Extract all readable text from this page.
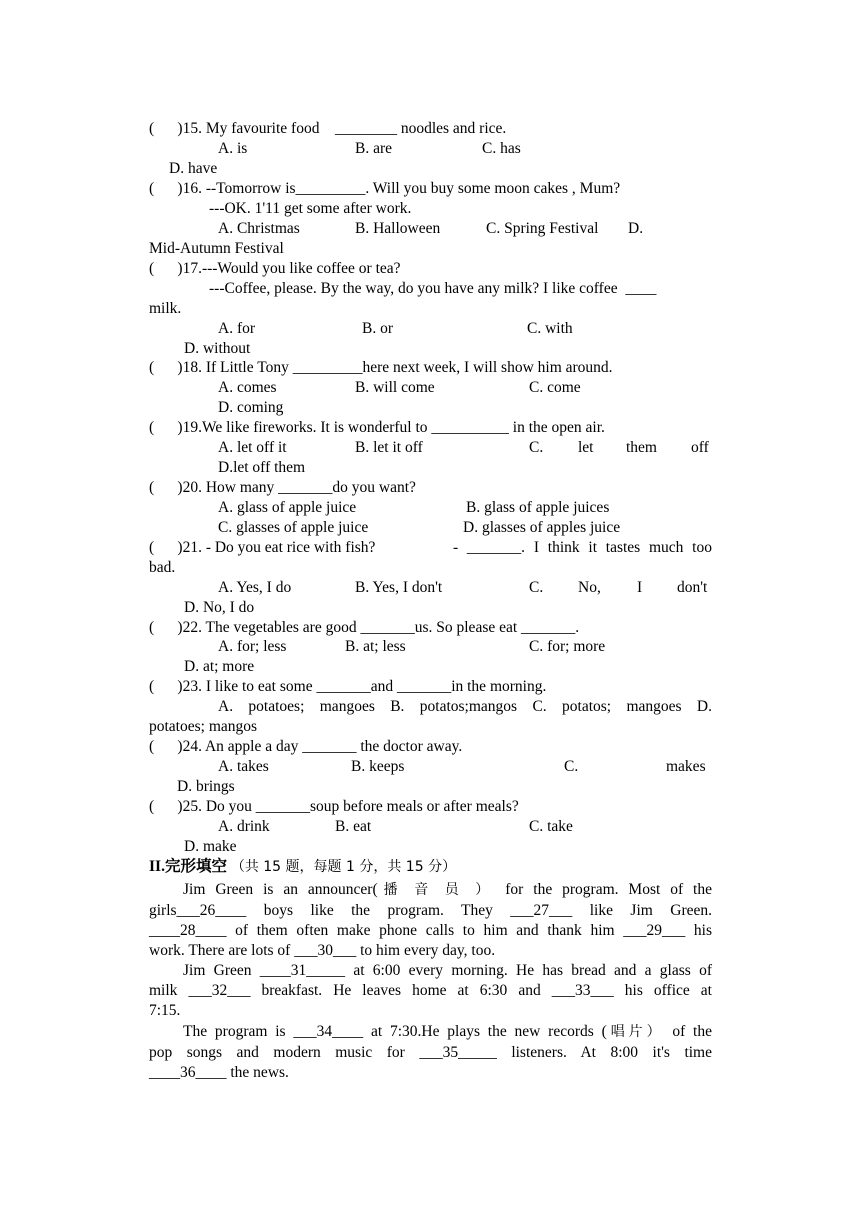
(      )15. My favourite food    ________ noodles and rice.
A. is	B. are	C. has
D. have
(      )16. --Tomorrow is_________. Will you buy some moon cakes , Mum?
---OK. 1'11 get some after work.
A. Christmas	B. Halloween	C. Spring Festival D.
Mid-Autumn Festival
(      )17.---Would you like coffee or tea?
---Coffee, please. By the way, do you have any milk? I like coffee  ____
milk.
A. for	B. or	C. with
D. without
(      )18. If Little Tony _________here next week, I will show him around.
A. comes	B. will come	C. come
D. coming
(      )19.We like fireworks. It is wonderful to __________ in the open air.
A. let off it	B. let it off	C. let them off
D.let off them
(      )20. How many _______do you want?
A. glass of apple juice	B. glass of apple juices
C. glasses of apple juice	D. glasses of apples juice
(      )21. - Do you eat rice with fish?	- _______. I think it tastes much too
bad.
A. Yes, I do	B. Yes, I don't	C. No, I don't
D. No, I do
(      )22. The vegetables are good _______us. So please eat _______.
A. for; less	B. at; less	C. for; more
D. at; more
(      )23. I like to eat some _______and _______in the morning.
A. potatoes; mangoes B. potatos;mangos C. potatos; mangoes D.
potatoes; mangos
(      )24. An apple a day _______ the doctor away.
A. takes	B. keeps	C.	makes
D. brings
(      )25. Do you _______soup before meals or after meals?
A. drink	B. eat	C. take
D. make
II.完形填空 （共 15 题，每题 1 分，共 15 分）
Jim Green is an announcer(播 音 员 ） for the program. Most of the
girls___26____ boys like the program. They ___27___ like Jim Green.
____28____ of them often make phone calls to him and thank him ___29___ his
work. There are lots of ___30___ to him every day, too.
Jim Green ____31_____ at 6:00 every morning. He has bread and a glass of
milk ___32___ breakfast. He leaves home at 6:30 and ___33___ his office at
7:15.
The program is ___34____ at 7:30.He plays the new records (唱片） of the
pop songs and modern music for ___35_____ listeners. At 8:00 it's time
____36____ the news.
